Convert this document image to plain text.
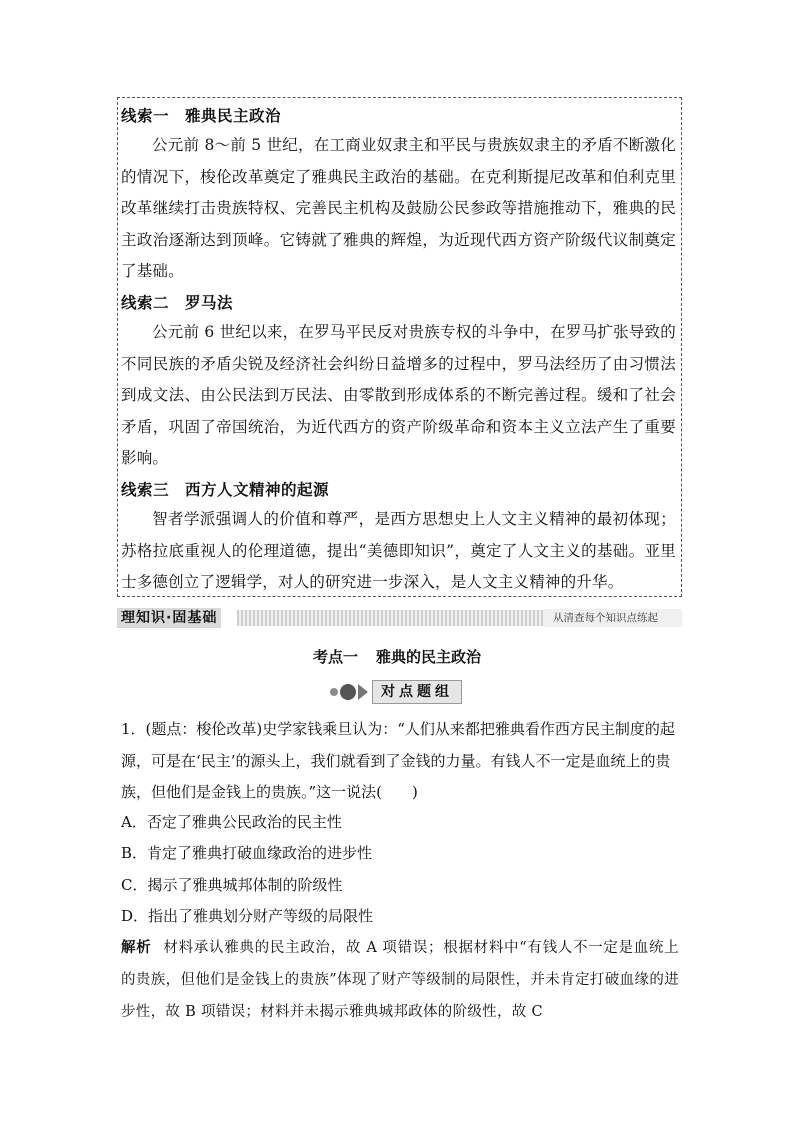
线索一 雅典民主政治
公元前 8～前 5 世纪，在工商业奴隶主和平民与贵族奴隶主的矛盾不断激化的情况下，梭伦改革奠定了雅典民主政治的基础。在克利斯提尼改革和伯利克里改革继续打击贵族特权、完善民主机构及鼓励公民参政等措施推动下，雅典的民主政治逐渐达到顶峰。它铸就了雅典的辉煌，为近现代西方资产阶级代议制奠定了基础。
线索二 罗马法
公元前 6 世纪以来，在罗马平民反对贵族专权的斗争中，在罗马扩张导致的不同民族的矛盾尖锐及经济社会纠纷日益增多的过程中，罗马法经历了由习惯法到成文法、由公民法到万民法、由零散到形成体系的不断完善过程。缓和了社会矛盾，巩固了帝国统治，为近代西方的资产阶级革命和资本主义立法产生了重要影响。
线索三 西方人文精神的起源
智者学派强调人的价值和尊严，是西方思想史上人文主义精神的最初体现；苏格拉底重视人的伦理道德，提出“美德即知识”，奠定了人文主义的基础。亚里士多德创立了逻辑学，对人的研究进一步深入，是人文主义精神的升华。
理知识·固基础	从清查每个知识点练起
考点一 雅典的民主政治
对点题组
1．(题点：梭伦改革)史学家钱乘旦认为：“人们从来都把雅典看作西方民主制度的起源，可是在‘民主’的源头上，我们就看到了金钱的力量。有钱人不一定是血统上的贵族，但他们是金钱上的贵族。”这一说法(　　)
A．否定了雅典公民政治的民主性
B．肯定了雅典打破血缘政治的进步性
C．揭示了雅典城邦体制的阶级性
D．指出了雅典划分财产等级的局限性
解析 材料承认雅典的民主政治，故 A 项错误；根据材料中“有钱人不一定是血统上的贵族，但他们是金钱上的贵族”体现了财产等级制的局限性，并未肯定打破血缘的进步性，故 B 项错误；材料并未揭示雅典城邦政体的阶级性，故 C
